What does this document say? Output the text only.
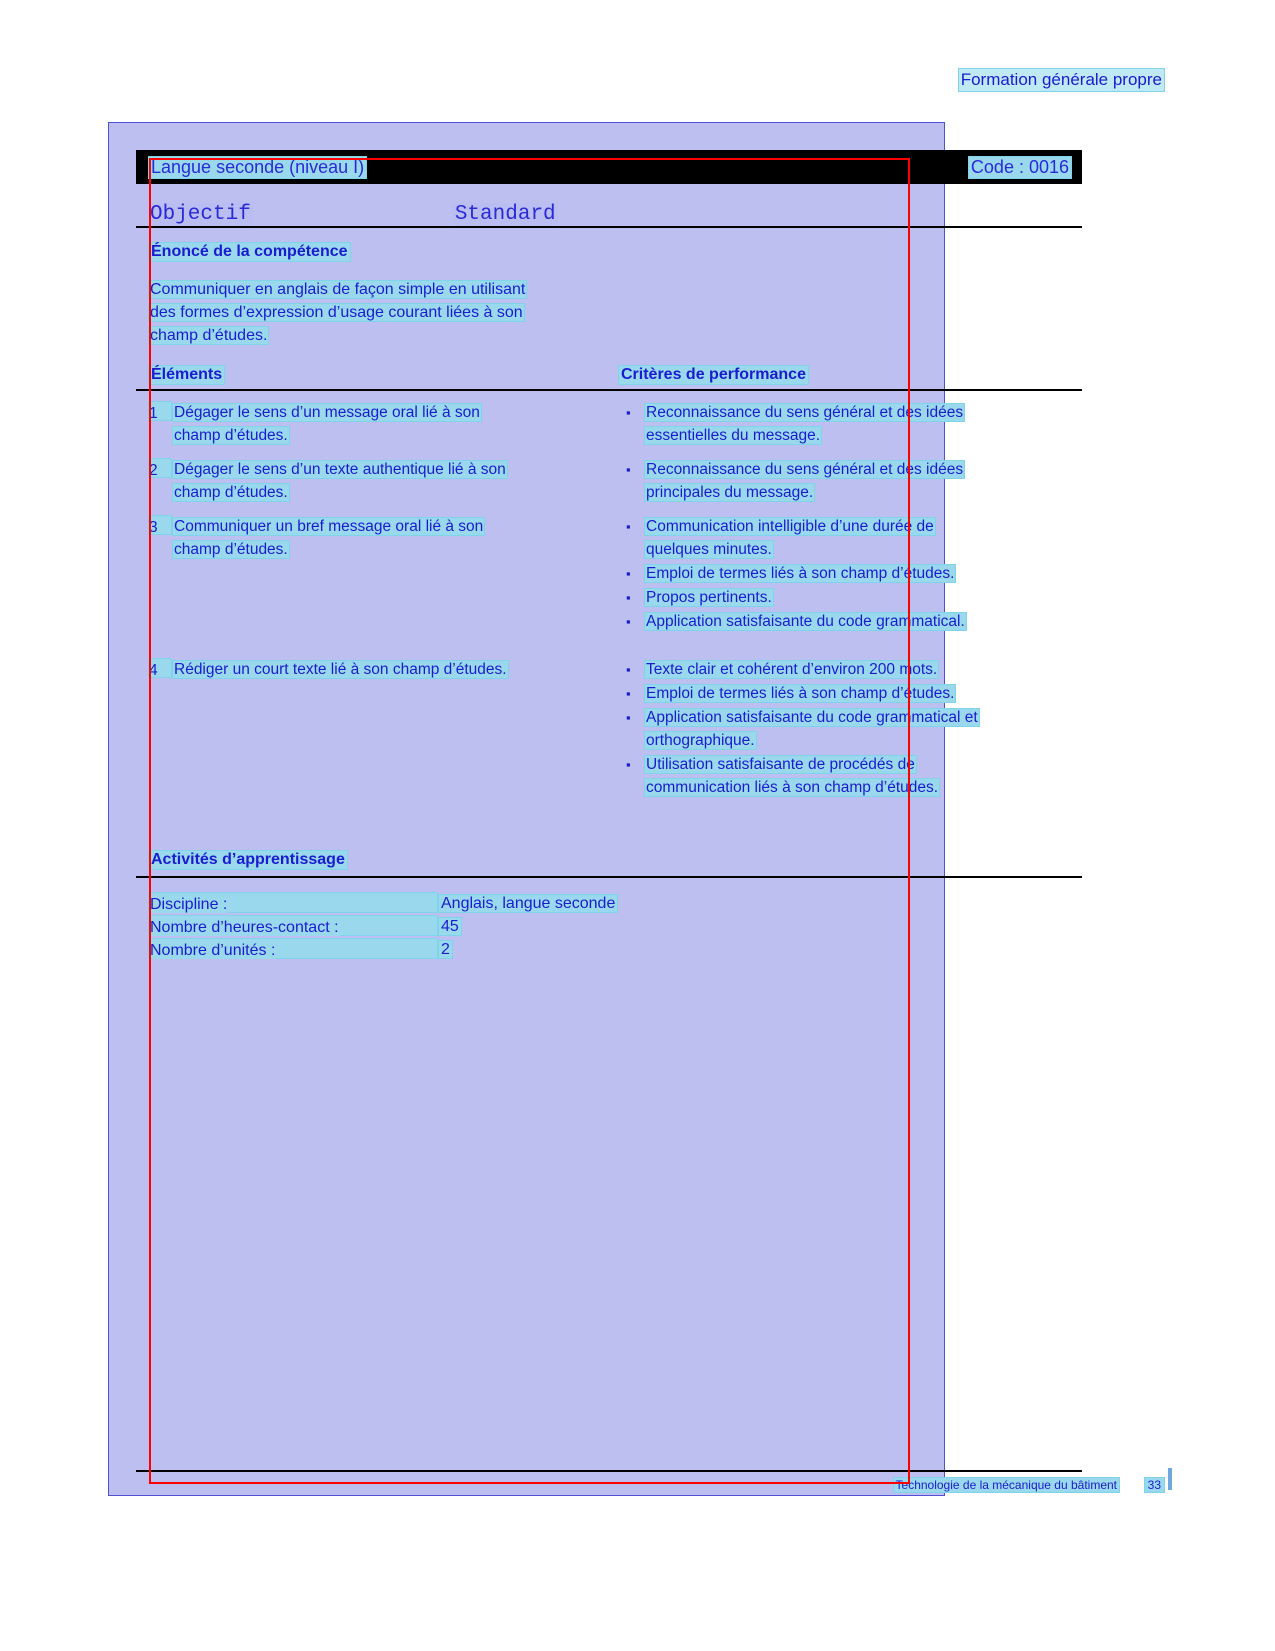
Formation générale propre
Langue seconde (niveau I)	Code : 0016
Objectif	Standard
Énoncé de la compétence
Communiquer en anglais de façon simple en utilisant
des formes d’expression d’usage courant liées à son
champ d’études.
Éléments	Critères de performance
1	Dégager le sens d’un message oral lié à son
champ d’études.
▪ Reconnaissance du sens général et des idées
essentielles du message.
2	Dégager le sens d’un texte authentique lié à son
champ d’études.
▪ Reconnaissance du sens général et des idées
principales du message.
3	Communiquer un bref message oral lié à son
champ d’études.
▪ Communication intelligible d’une durée de
quelques minutes.
▪ Emploi de termes liés à son champ d’études.
▪ Propos pertinents.
▪ Application satisfaisante du code grammatical.
4	Rédiger un court texte lié à son champ d’études.	▪ Texte clair et cohérent d’environ 200 mots.
▪ Emploi de termes liés à son champ d’études.
▪ Application satisfaisante du code grammatical et
orthographique.
▪ Utilisation satisfaisante de procédés de
communication liés à son champ d’études.
Activités d’apprentissage
Discipline :	Anglais, langue seconde
Nombre d’heures-contact :	45
Nombre d’unités :	2
Technologie de la mécanique du bâtiment	33
